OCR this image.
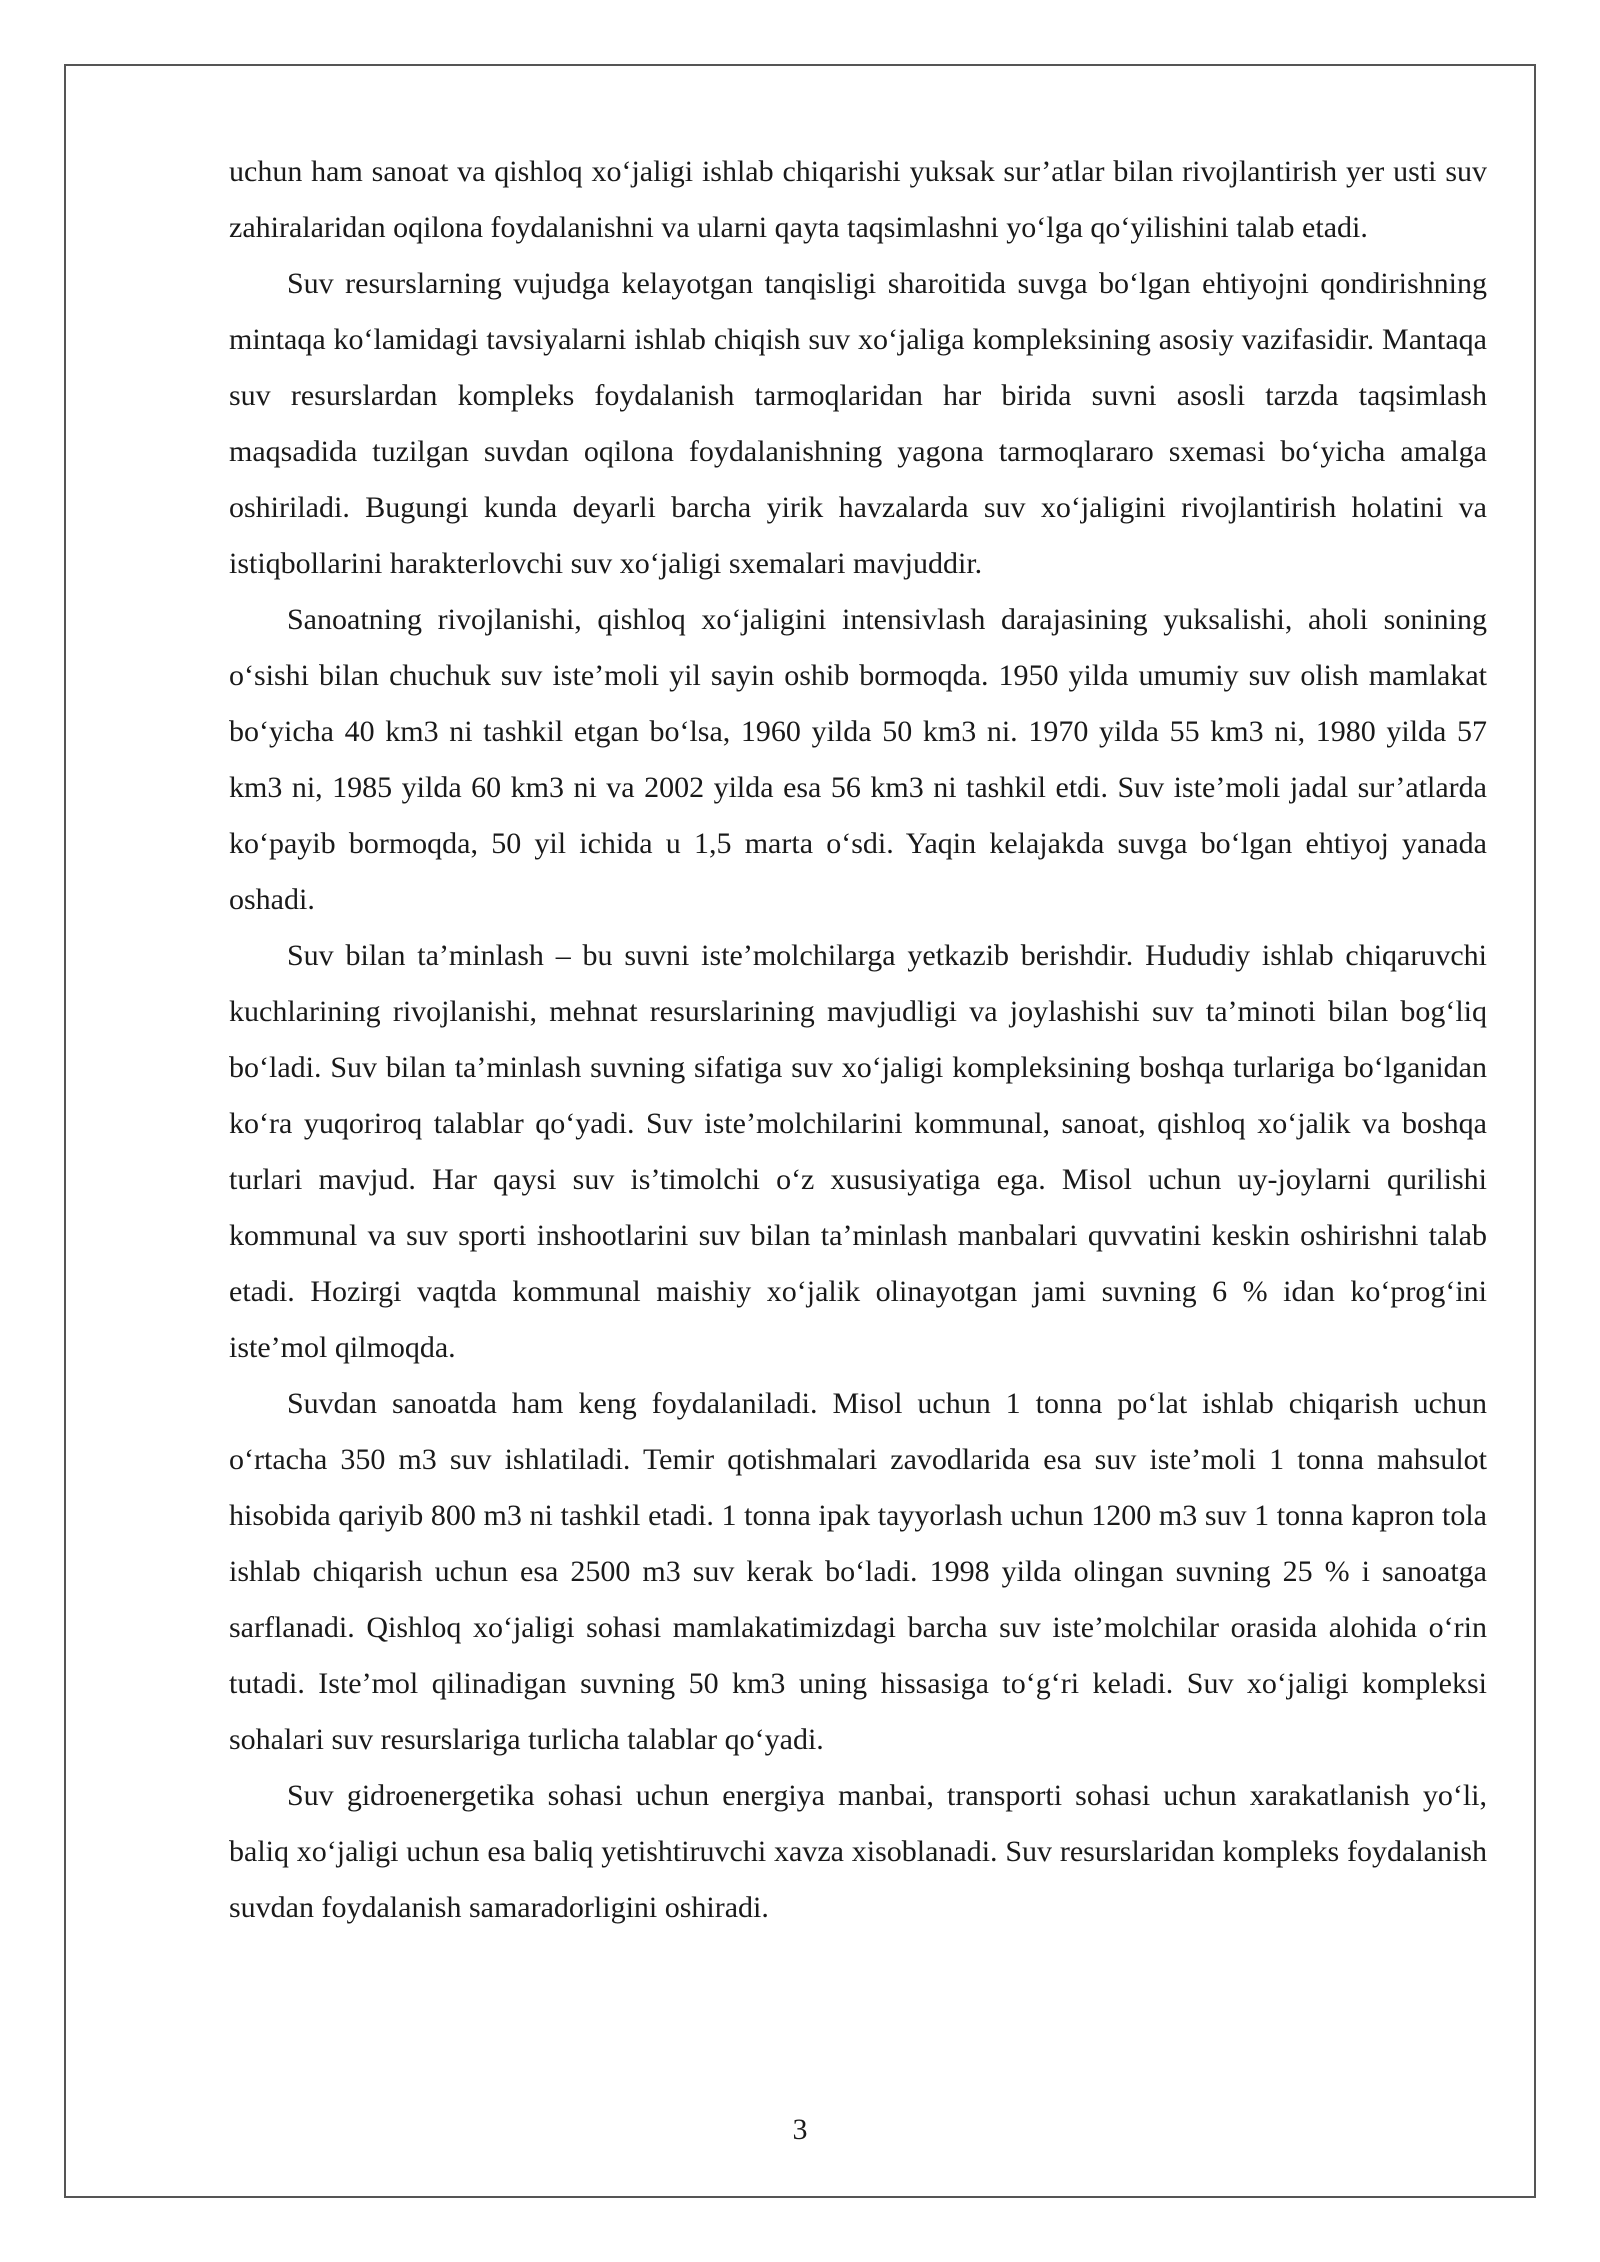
uchun ham sanoat va qishloq xo‘jaligi ishlab chiqarishi yuksak sur’atlar bilan rivojlantirish yer usti suv zahiralaridan oqilona foydalanishni va ularni qayta taqsimlashni yo‘lga qo‘yilishini talab etadi.

Suv resurslarning vujudga kelayotgan tanqisligi sharoitida suvga bo‘lgan ehtiyojni qondirishning mintaqa ko‘lamidagi tavsiyalarni ishlab chiqish suv xo‘jaliga kompleksining asosiy vazifasidir. Mantaqa suv resurslardan kompleks foydalanish tarmoqlaridan har birida suvni asosli tarzda taqsimlash maqsadida tuzilgan suvdan oqilona foydalanishning yagona tarmoqlararo sxemasi bo‘yicha amalga oshiriladi. Bugungi kunda deyarli barcha yirik havzalarda suv xo‘jaligini rivojlantirish holatini va istiqbollarini harakterlovchi suv xo‘jaligi sxemalari mavjuddir.

Sanoatning rivojlanishi, qishloq xo‘jaligini intensivlash darajasining yuksalishi, aholi sonining o‘sishi bilan chuchuk suv iste’moli yil sayin oshib bormoqda. 1950 yilda umumiy suv olish mamlakat bo‘yicha 40 km3 ni tashkil etgan bo‘lsa, 1960 yilda 50 km3 ni. 1970 yilda 55 km3 ni, 1980 yilda 57 km3 ni, 1985 yilda 60 km3 ni va 2002 yilda esa 56 km3 ni tashkil etdi. Suv iste’moli jadal sur’atlarda ko‘payib bormoqda, 50 yil ichida u 1,5 marta o‘sdi. Yaqin kelajakda suvga bo‘lgan ehtiyoj yanada oshadi.

Suv bilan ta’minlash – bu suvni iste’molchilarga yetkazib berishdir. Hududiy ishlab chiqaruvchi kuchlarining rivojlanishi, mehnat resurslarining mavjudligi va joylashishi suv ta’minoti bilan bog‘liq bo‘ladi. Suv bilan ta’minlash suvning sifatiga suv xo‘jaligi kompleksining boshqa turlariga bo‘lganidan ko‘ra yuqoriroq talablar qo‘yadi. Suv iste’molchilarini kommunal, sanoat, qishloq xo‘jalik va boshqa turlari mavjud. Har qaysi suv is’timolchi o‘z xususiyatiga ega. Misol uchun uy-joylarni qurilishi kommunal va suv sporti inshootlarini suv bilan ta’minlash manbalari quvvatini keskin oshirishni talab etadi. Hozirgi vaqtda kommunal maishiy xo‘jalik olinayotgan jami suvning 6 % idan ko‘prog‘ini iste’mol qilmoqda.

Suvdan sanoatda ham keng foydalaniladi. Misol uchun 1 tonna po‘lat ishlab chiqarish uchun o‘rtacha 350 m3 suv ishlatiladi. Temir qotishmalari zavodlarida esa suv iste’moli 1 tonna mahsulot hisobida qariyib 800 m3 ni tashkil etadi. 1 tonna ipak tayyorlash uchun 1200 m3 suv 1 tonna kapron tola ishlab chiqarish uchun esa 2500 m3 suv kerak bo‘ladi. 1998 yilda olingan suvning 25 % i sanoatga sarflanadi. Qishloq xo‘jaligi sohasi mamlakatimizdagi barcha suv iste’molchilar orasida alohida o‘rin tutadi. Iste’mol qilinadigan suvning 50 km3 uning hissasiga to‘g‘ri keladi. Suv xo‘jaligi kompleksi sohalari suv resurslariga turlicha talablar qo‘yadi.

Suv gidroenergetika sohasi uchun energiya manbai, transporti sohasi uchun xarakatlanish yo‘li, baliq xo‘jaligi uchun esa baliq yetishtiruvchi xavza xisoblanadi. Suv resurslaridan kompleks foydalanish suvdan foydalanish samaradorligini oshiradi.

3
